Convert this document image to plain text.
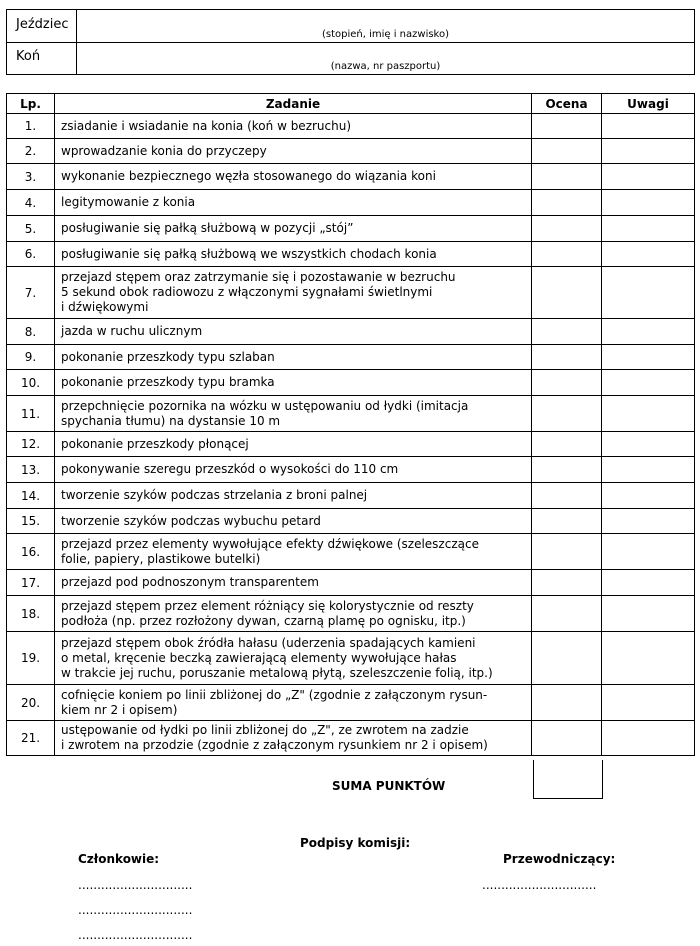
Jeździec
(stopień, imię i nazwisko)
Koń
(nazwa, nr paszportu)
Lp.	Zadanie	Ocena	Uwagi
1.	zsiadanie i wsiadanie na konia (koń w bezruchu)		

2.	wprowadzanie konia do przyczepy		

3.	wykonanie bezpiecznego węzła stosowanego do wiązania koni		

4.	legitymowanie z konia		

5.	posługiwanie się pałką służbową w pozycji „stój”		

6.	posługiwanie się pałką służbową we wszystkich chodach konia		

7.	przejazd stępem oraz zatrzymanie się i pozostawanie w bezruchu
5 sekund obok radiowozu z włączonymi sygnałami świetlnymi
i dźwiękowymi		

8.	jazda w ruchu ulicznym		

9.	pokonanie przeszkody typu szlaban		

10.	pokonanie przeszkody typu bramka		

11.	przepchnięcie pozornika na wózku w ustępowaniu od łydki (imitacja
spychania tłumu) na dystansie 10 m		

12.	pokonanie przeszkody płonącej		

13.	pokonywanie szeregu przeszkód o wysokości do 110 cm		

14.	tworzenie szyków podczas strzelania z broni palnej		

15.	tworzenie szyków podczas wybuchu petard		

16.	przejazd przez elementy wywołujące efekty dźwiękowe (szeleszczące
folie, papiery, plastikowe butelki)		

17.	przejazd pod podnoszonym transparentem		

18.	przejazd stępem przez element różniący się kolorystycznie od reszty
podłoża (np. przez rozłożony dywan, czarną plamę po ognisku, itp.)		

19.	przejazd stępem obok źródła hałasu (uderzenia spadających kamieni
o metal, kręcenie beczką zawierającą elementy wywołujące hałas
w trakcie jej ruchu, poruszanie metalową płytą, szeleszczenie folią, itp.)		

20.	cofnięcie koniem po linii zbliżonej do „Z" (zgodnie z załączonym rysun-
kiem nr 2 i opisem)		

21.	ustępowanie od łydki po linii zbliżonej do „Z", ze zwrotem na zadzie
i zwrotem na przodzie (zgodnie z załączonym rysunkiem nr 2 i opisem)		

SUMA PUNKTÓW
Podpisy komisji:
Członkowie:	Przewodniczący:
..............................
..............................
..............................
..............................
